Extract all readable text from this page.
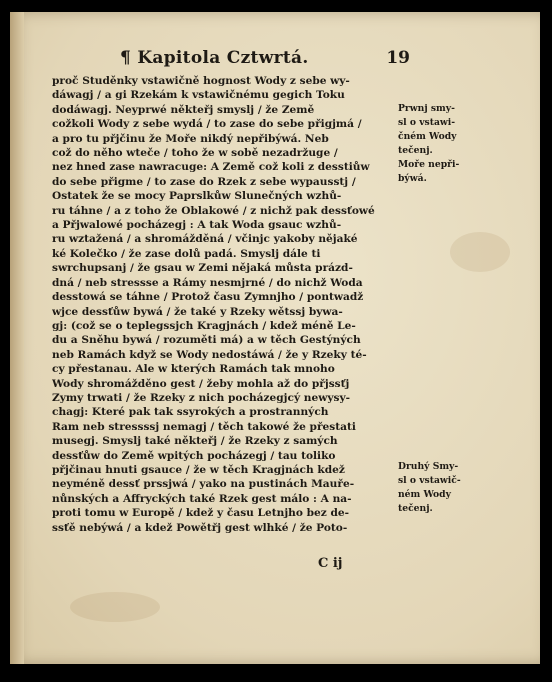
¶ Kapitola Cztwrtá.	19
proč Studěnky vstawičně hognost Wody z sebe wy-
dáwagj / a gi Rzekám k vstawičnému gegich Toku
dodáwagj. Neyprwé někteřj smyslj / že Země
cožkoli Wody z sebe wydá / to zase do sebe přigjmá /
a pro tu přjčinu že Moře nikdý nepřibýwá. Neb
což do něho wteče / toho že w sobě nezadržuge /
nez hned zase nawracuge: A Země což koli z desstiůw
do sebe přigme / to zase do Rzek z sebe wypausstj /
Ostatek že se mocy Paprslkůw Slunečných wzhů-
ru táhne / a z toho že Oblakowé / z nichž pak dessťowé
a Přjwalowé pocházegj : A tak Woda gsauc wzhů-
ru wztažená / a shromážděná / včinjc yakoby nějaké
ké Kolečko / že zase dolů padá. Smyslj dále ti
swrchupsanj / že gsau w Zemi nějaká můsta prázd-
dná / neb stressse a Rámy nesmjrné / do nichž Woda
desstowá se táhne / Protož času Zymnjho / pontwadž
wjce dessťůw bywá / že také y Rzeky wětssj bywa-
gj: (což se o teplegssjch Kragjnách / kdež méně Le-
du a Sněhu bywá / rozuměti má) a w těch Gestýných
neb Ramách když se Wody nedostáwá / že y Rzeky té-
cy přestanau. Ale w kterých Ramách tak mnoho
Wody shromážděno gest / žeby mohla až do přjssťj
Zymy trwati / že Rzeky z nich pocházegjcý newysy-
chagj: Které pak tak ssyrokých a prostranných
Ram neb stressssj nemagj / těch takowé že přestati
musegj. Smyslj také někteřj / že Rzeky z samých
dessťůw do Země wpitých pocházegj / tau toliko
přjčinau hnuti gsauce / že w těch Kragjnách kdež
neyméně dessť prssjwá / yako na pustinách Mauře-
nůnských a Affryckých také Rzek gest málo : A na-
proti tomu w Europě / kdež y času Letnjho bez de-
ssťě nebýwá / a kdež Powětřj gest wlhké / že Poto-
Prwnj smy-
sl o vstawi-
čném Wody
tečenj.
Moře nepři-
býwá.
Druhý Smy-
sl o vstawič-
ném Wody
tečenj.
C ij
